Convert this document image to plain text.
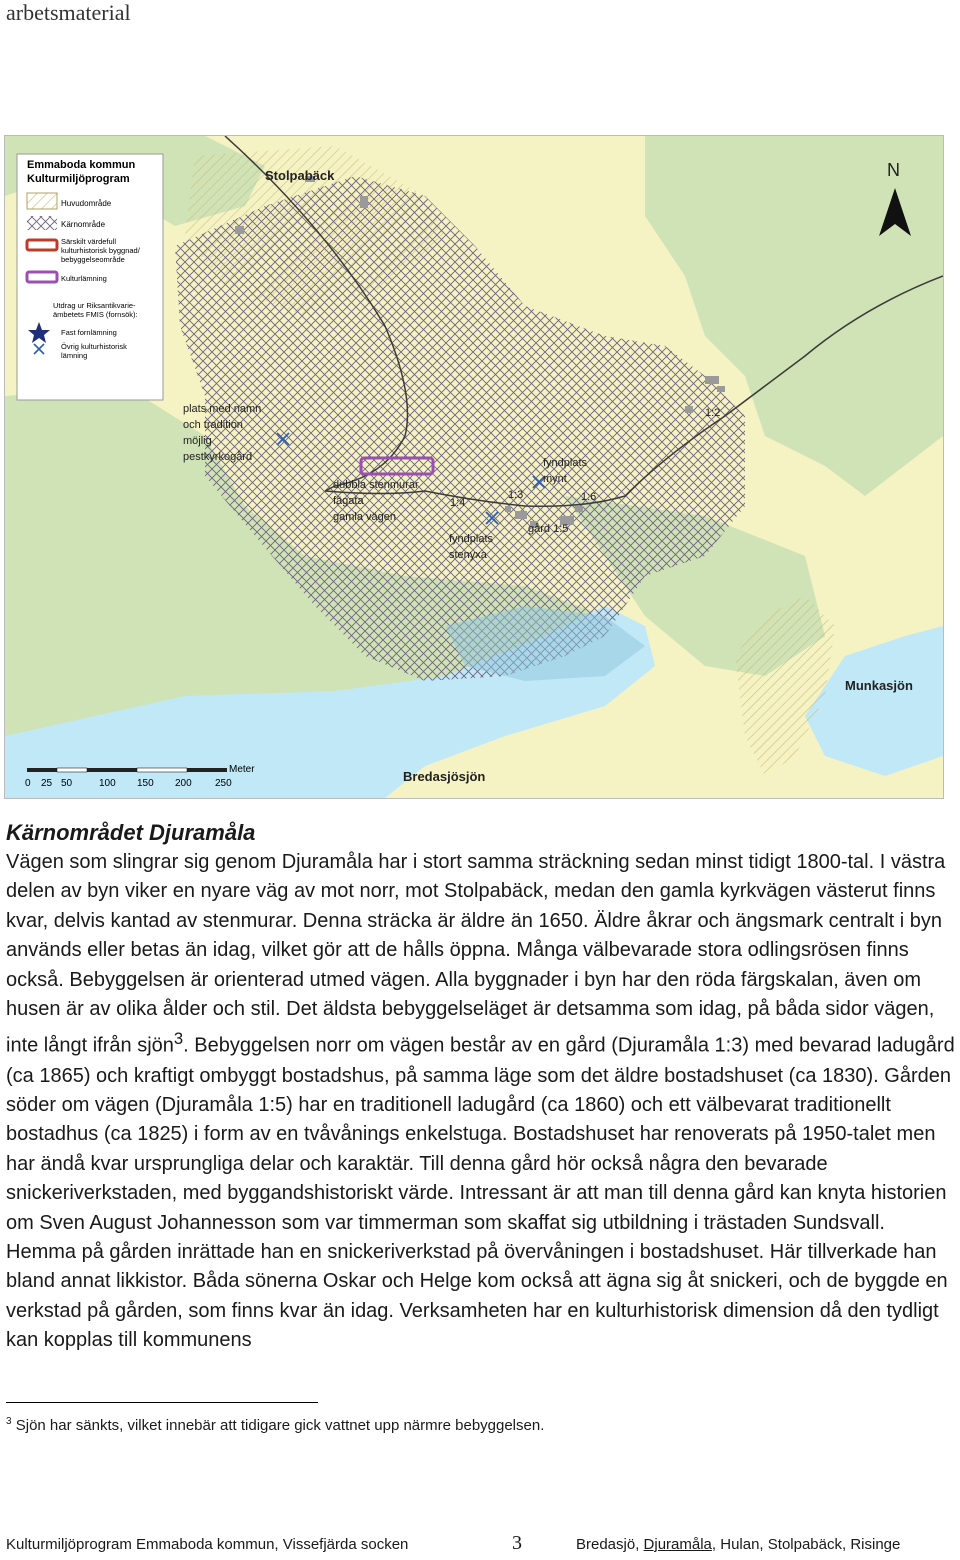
arbetsmaterial
Emmaboda kommun
Kulturmiljöprogram
Huvudområde
Kärnområde
Särskilt värdefull
kulturhistorisk byggnad/
bebyggelseområde
Kulturlämning
Utdrag ur Riksantikvarie-
ämbetets FMIS (fornsök):
Fast fornlämning
Övrig kulturhistorisk
lämning
Stolpabäck
Munkasjön
Bredasjösjön
N
plats med namn
och tradition
möjlig
pestkyrkogård
dubbla stenmurar
fägata
gamla vägen
fyndplats
mynt
fyndplats
stenyxa
gård 1:5
1:2
1:3
1:4	1:6
Meter
0 25 50	100 150 200 250
Kärnområdet Djuramåla

Vägen som slingrar sig genom Djuramåla har i stort samma sträckning sedan minst tidigt 1800-tal. I västra delen av byn viker en nyare väg av mot norr, mot Stolpabäck, medan den gamla kyrkvägen västerut finns kvar, delvis kantad av stenmurar. Denna sträcka är äldre än 1650. Äldre åkrar och ängsmark centralt i byn används eller betas än idag, vilket gör att de hålls öppna. Många välbevarade stora odlingsrösen finns också. Bebyggelsen är orienterad utmed vägen. Alla byggnader i byn har den röda färgskalan, även om husen är av olika ålder och stil. Det äldsta bebyggelseläget är detsamma som idag, på båda sidor vägen, inte långt ifrån sjön$^3$. Bebyggelsen norr om vägen består av en gård (Djuramåla 1:3) med bevarad ladugård (ca 1865) och kraftigt ombyggt bostadshus, på samma läge som det äldre bostadshuset (ca 1830). Gården söder om vägen (Djuramåla 1:5) har en traditionell ladugård (ca 1860) och ett välbevarat traditionellt bostadhus (ca 1825) i form av en tvåvånings enkelstuga. Bostadshuset har renoverats på 1950-talet men har ändå kvar ursprungliga delar och karaktär. Till denna gård hör också några den bevarade snickeriverkstaden, med byggandshistoriskt värde. Intressant är att man till denna gård kan knyta historien om Sven August Johannesson som var timmerman som skaffat sig utbildning i trästaden Sundsvall. Hemma på gården inrättade han en snickeriverkstad på övervåningen i bostadshuset. Här tillverkade han bland annat likkistor. Båda sönerna Oskar och Helge kom också att ägna sig åt snickeri, och de byggde en verkstad på gården, som finns kvar än idag. Verksamheten har en kulturhistorisk dimension då den tydligt kan kopplas till kommunens

$^3$ Sjön har sänkts, vilket innebär att tidigare gick vattnet upp närmre bebyggelsen.
Kulturmiljöprogram Emmaboda kommun, Vissefjärda socken	3	Bredasjö, Djuramåla, Hulan, Stolpabäck, Risinge
